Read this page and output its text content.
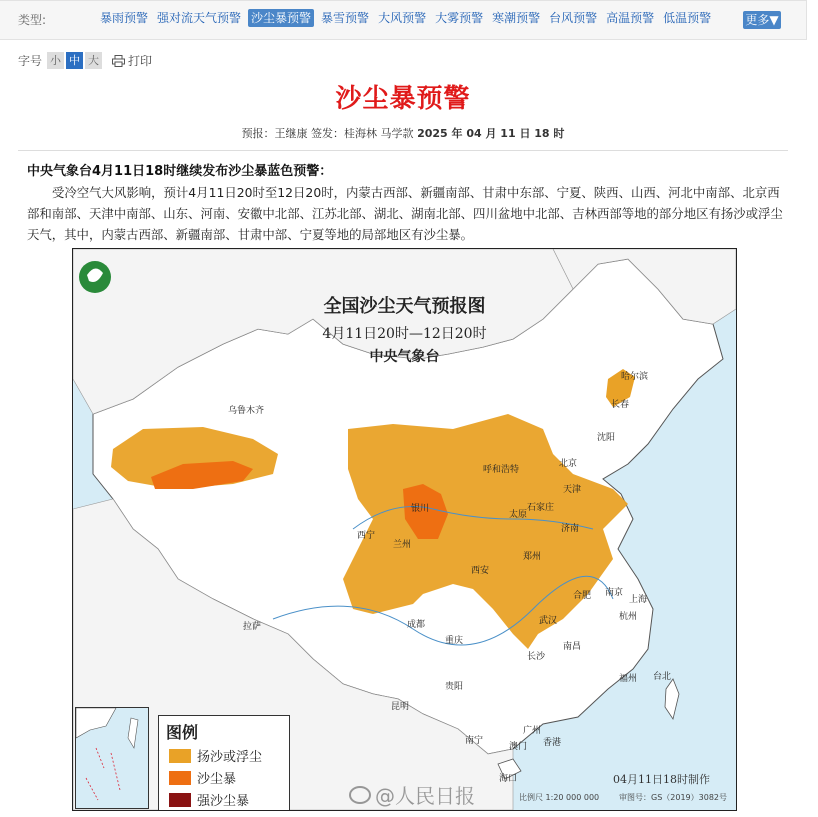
类型:	暴雨预警 强对流天气预警 沙尘暴预警 暴雪预警 大风预警 大雾预警 寒潮预警 台风预警 高温预警 低温预警	更多▼
字号 小 中 大 打印
沙尘暴预警
预报：王继康 签发：桂海林 马学款 2025 年 04 月 11 日 18 时
中央气象台4月11日18时继续发布沙尘暴蓝色预警：
受冷空气大风影响，预计4月11日20时至12日20时，内蒙古西部、新疆南部、甘肃中东部、宁夏、陕西、山西、河北中南部、北京西部和南部、天津中南部、山东、河南、安徽中北部、江苏北部、湖北、湖南北部、四川盆地中北部、吉林西部等地的部分地区有扬沙或浮尘天气，其中，内蒙古西部、新疆南部、甘肃中部、宁夏等地的局部地区有沙尘暴。
全国沙尘天气预报图
4月11日20时—12日20时
中央气象台
乌鲁木齐
哈尔滨
长春
沈阳
呼和浩特
北京
天津
石家庄
太原
济南
银川
西宁
兰州
郑州
西安
合肥 南京
上海
武汉	杭州
成都
重庆
长沙
南昌
拉萨
贵阳
福州
昆明
南宁
广州
台北
澳门 香港
海口
图例
扬沙或浮尘
沙尘暴
强沙尘暴	@人民日报
04月11日18时制作
比例尺 1:20 000 000 审图号：GS（2019）3082号
